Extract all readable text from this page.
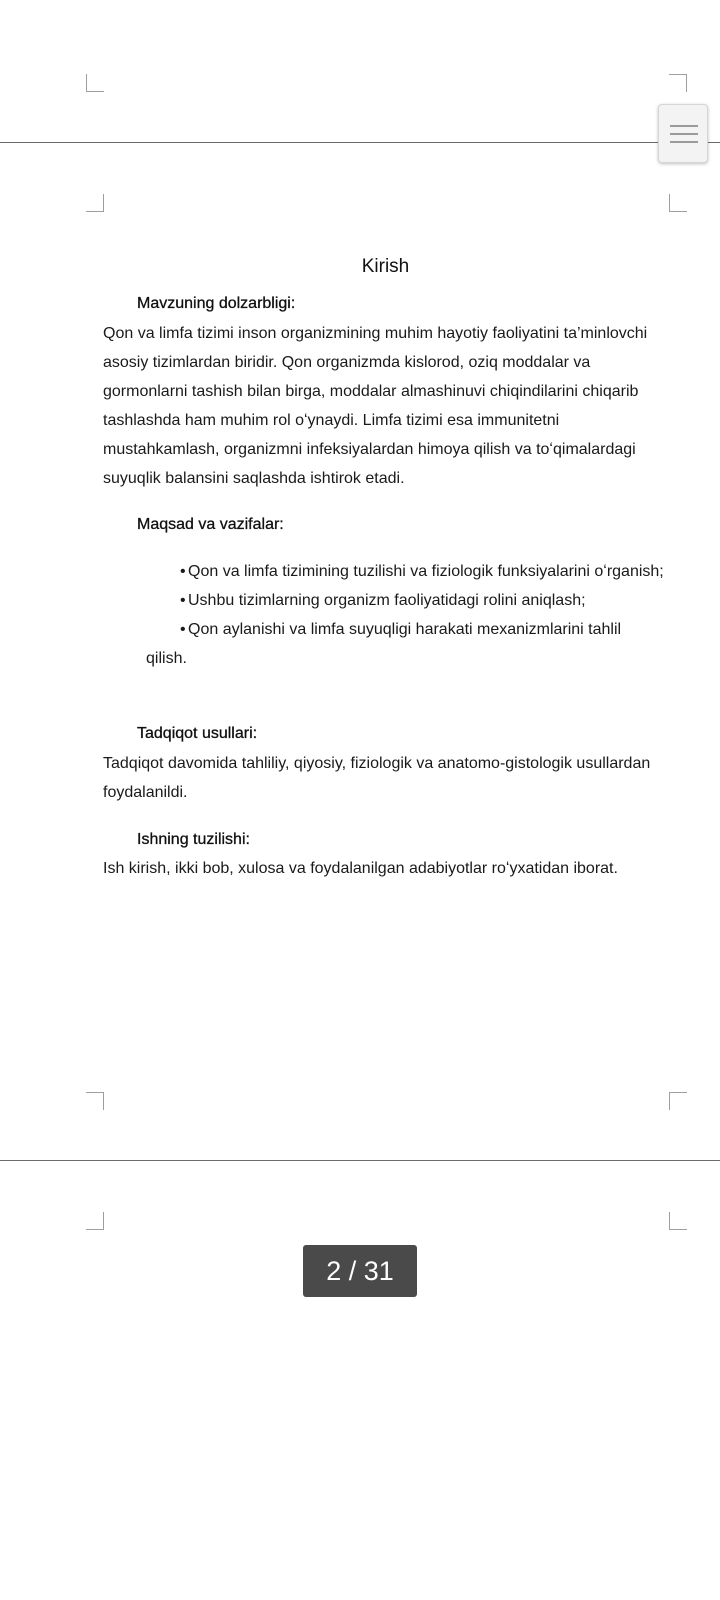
Kirish
Mavzuning dolzarbligi:

Qon va limfa tizimi inson organizmining muhim hayotiy faoliyatini ta’minlovchi asosiy tizimlardan biridir. Qon organizmda kislorod, oziq moddalar va gormonlarni tashish bilan birga, moddalar almashinuvi chiqindilarini chiqarib tashlashda ham muhim rol oʻynaydi. Limfa tizimi esa immunitetni mustahkamlash, organizmni infeksiyalardan himoya qilish va toʻqimalardagi suyuqlik balansini saqlashda ishtirok etadi.

Maqsad va vazifalar:
• Qon va limfa tizimining tuzilishi va fiziologik funksiyalarini oʻrganish;
• Ushbu tizimlarning organizm faoliyatidagi rolini aniqlash;
• Qon aylanishi va limfa suyuqligi harakati mexanizmlarini tahlil qilish.
Tadqiqot usullari:

Tadqiqot davomida tahliliy, qiyosiy, fiziologik va anatomo-gistologik usullardan foydalanildi.

Ishning tuzilishi:

Ish kirish, ikki bob, xulosa va foydalanilgan adabiyotlar roʻyxatidan iborat.

2 / 31
